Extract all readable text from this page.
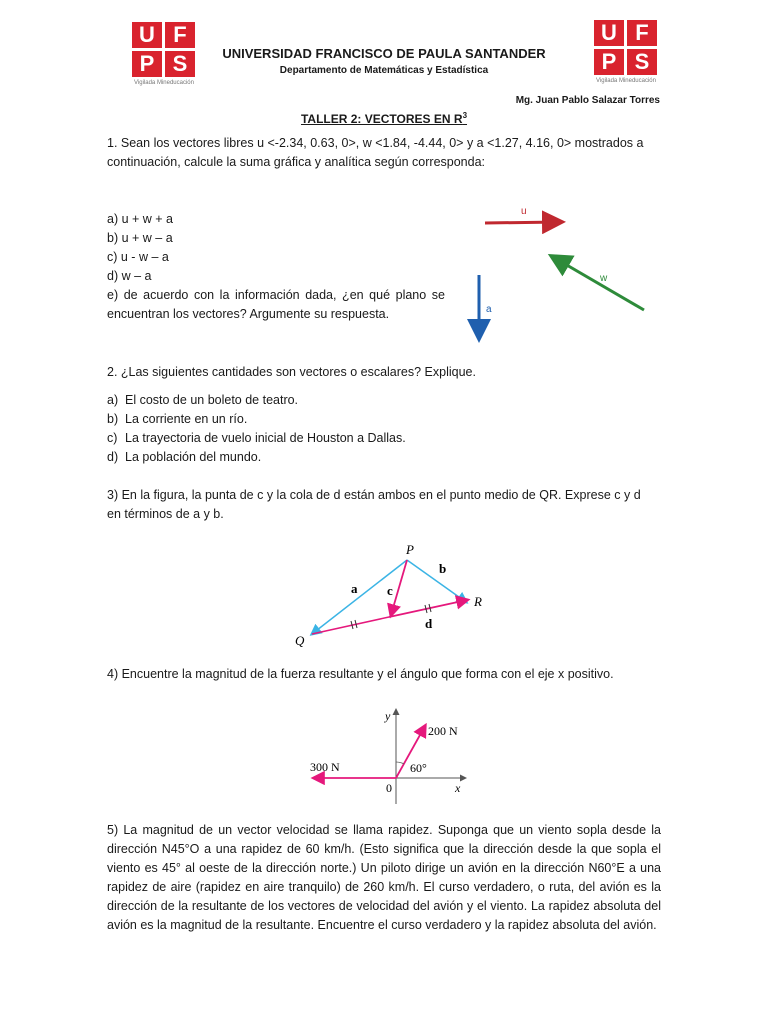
U F
P S
Vigilada Mineducación
U F
P S
Vigilada Mineducación
UNIVERSIDAD FRANCISCO DE PAULA SANTANDER
Departamento de Matemáticas y Estadística
Mg. Juan Pablo Salazar Torres
TALLER 2: VECTORES EN $R^3$
1. Sean los vectores libres u <-2.34, 0.63, 0>, w <1.84, -4.44, 0> y a <1.27, 4.16, 0> mostrados a continuación, calcule la suma gráfica y analítica según corresponda:
a) u + w + a
b) u + w – a
c) u - w – a
d) w – a
e) de acuerdo con la información dada, ¿en qué plano se encuentran los vectores? Argumente su respuesta.
u
w
a
2. ¿Las siguientes cantidades son vectores o escalares? Explique.
a) El costo de un boleto de teatro.
b) La corriente en un río.
c) La trayectoria de vuelo inicial de Houston a Dallas.
d) La población del mundo.
3) En la figura, la punta de c y la cola de d están ambos en el punto medio de QR. Exprese c y d en términos de a y b.
P
Q
R
a
b
c
d
4) Encuentre la magnitud de la fuerza resultante y el ángulo que forma con el eje x positivo.
y
x
0
200 N
300 N	60°
5) La magnitud de un vector velocidad se llama rapidez. Suponga que un viento sopla desde la dirección N45°O a una rapidez de 60 km/h. (Esto significa que la dirección desde la que sopla el viento es 45° al oeste de la dirección norte.) Un piloto dirige un avión en la dirección N60°E a una rapidez de aire (rapidez en aire tranquilo) de 260 km/h. El curso verdadero, o ruta, del avión es la dirección de la resultante de los vectores de velocidad del avión y el viento. La rapidez absoluta del avión es la magnitud de la resultante. Encuentre el curso verdadero y la rapidez absoluta del avión.
